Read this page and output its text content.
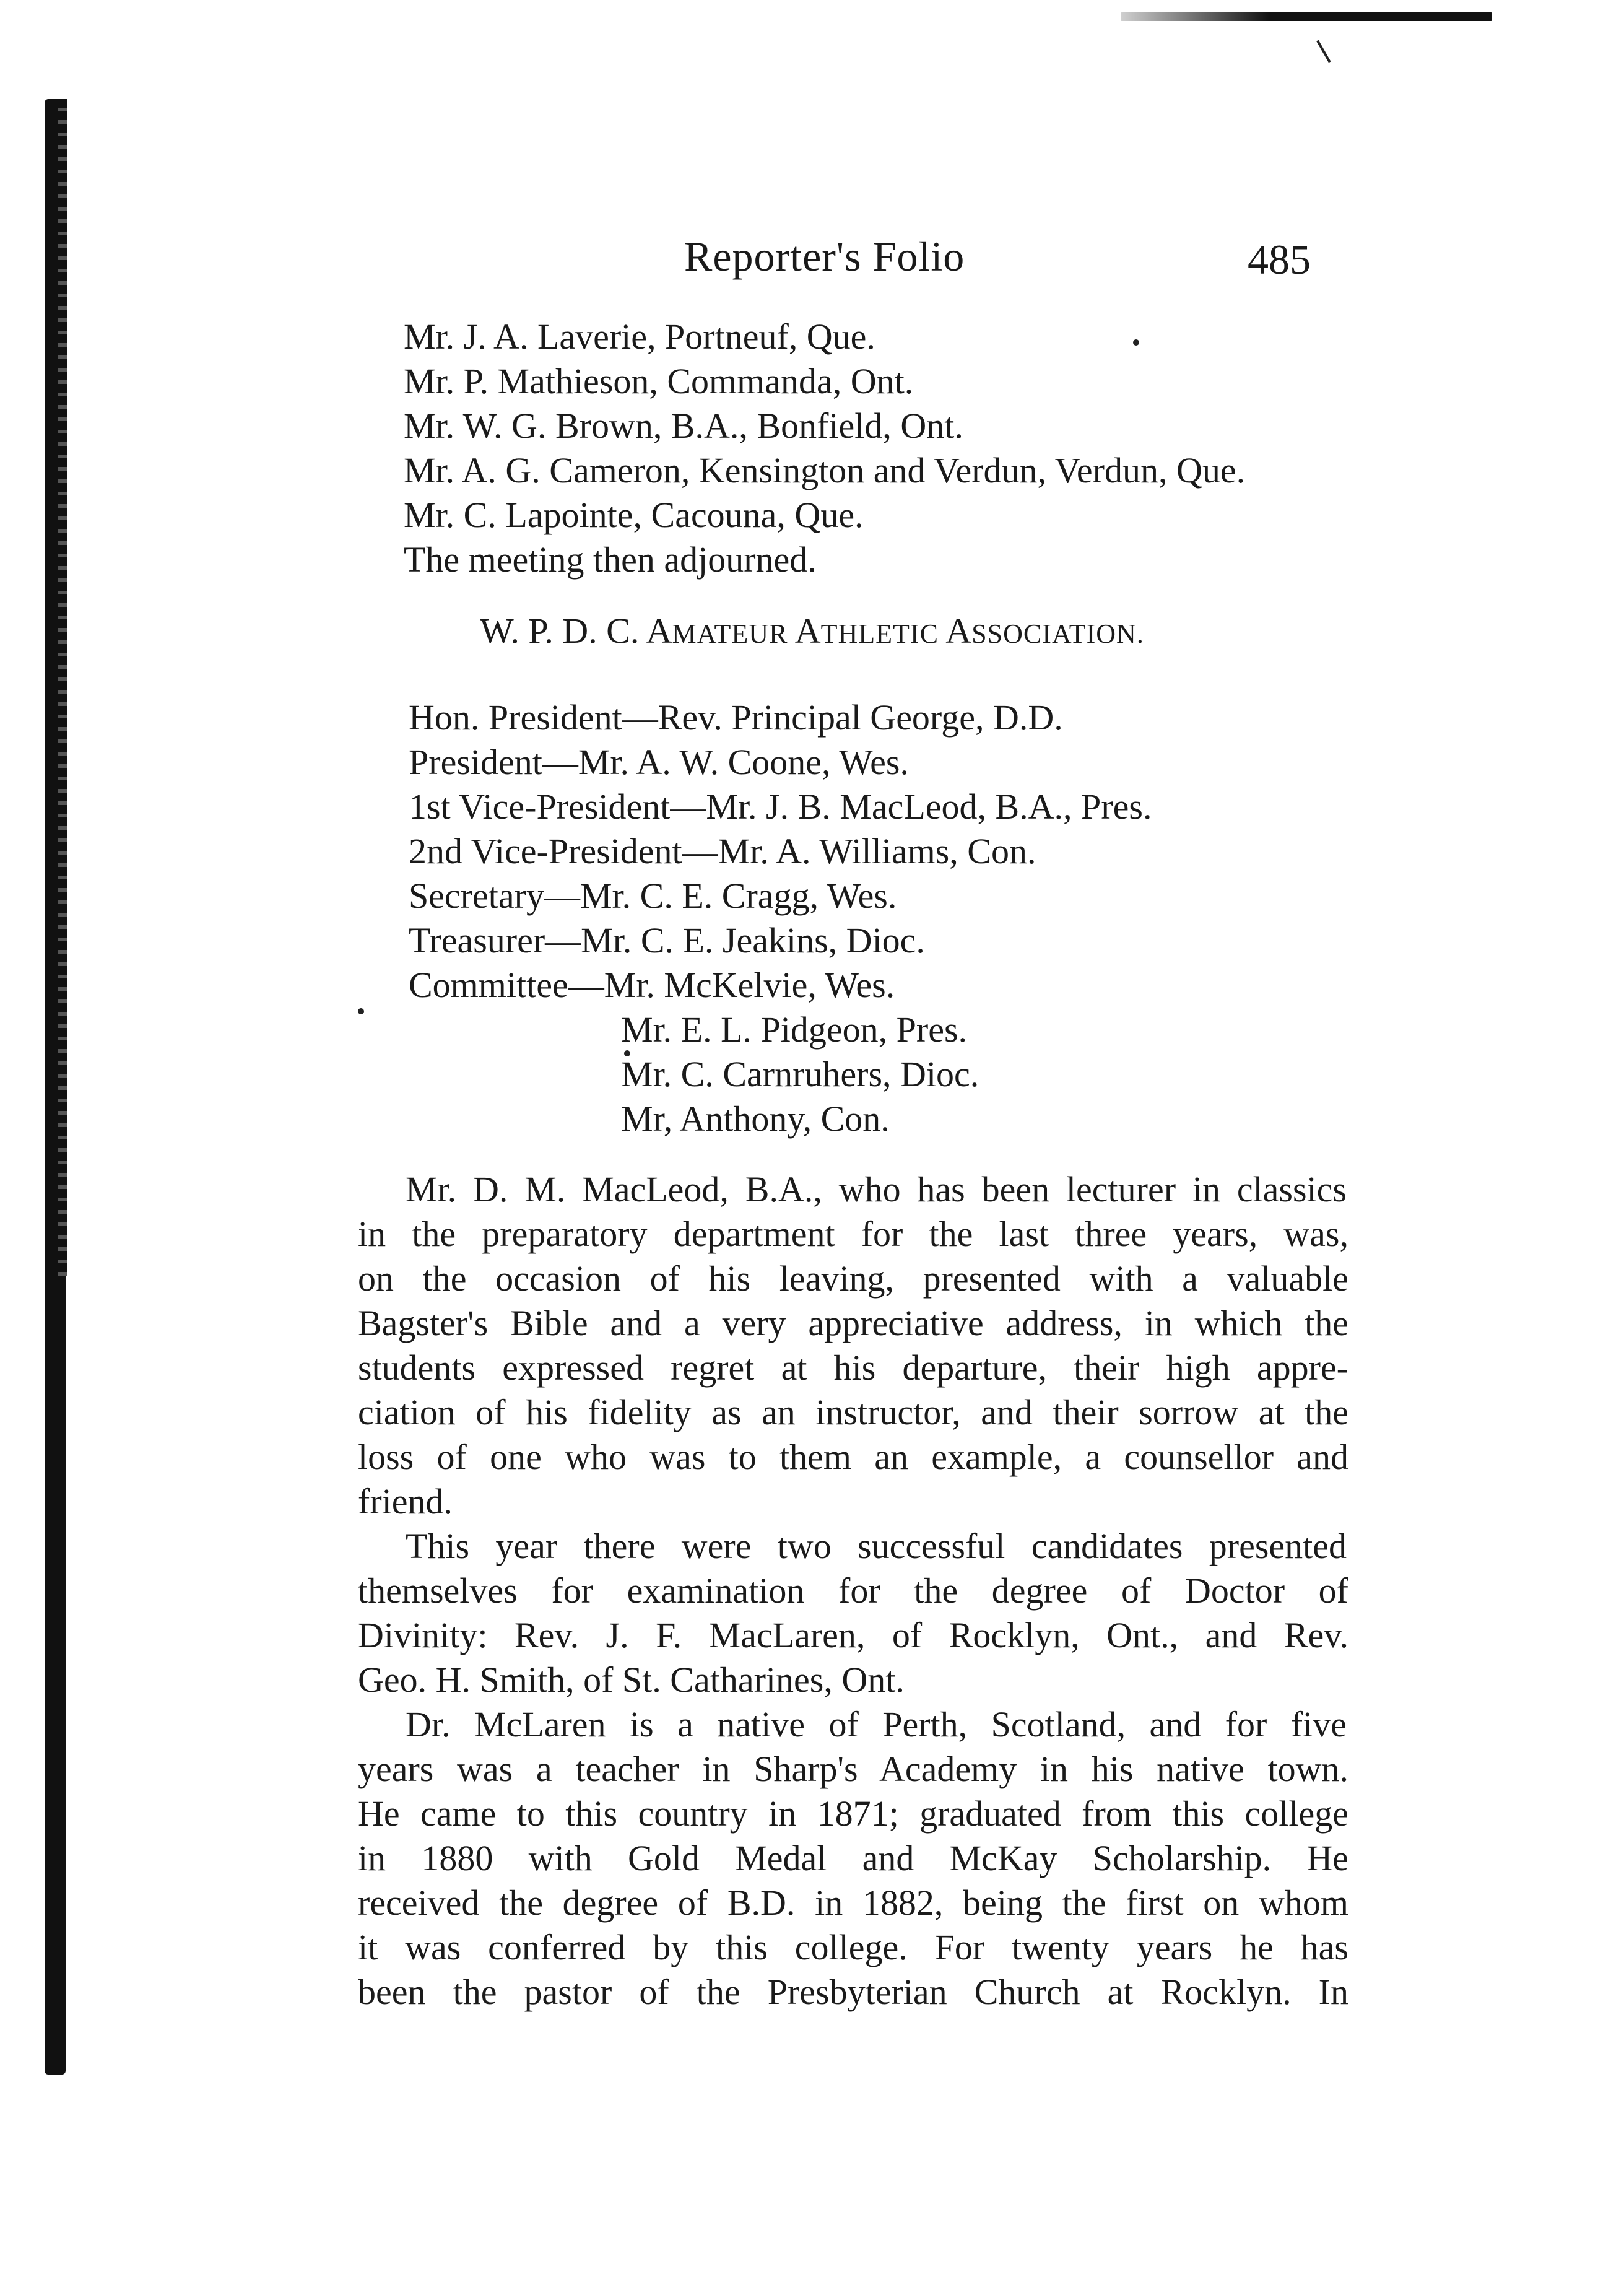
Reporter's Folio	485
Mr. J. A. Laverie, Portneuf, Que.
Mr. P. Mathieson, Commanda, Ont.
Mr. W. G. Brown, B.A., Bonfield, Ont.
Mr. A. G. Cameron, Kensington and Verdun, Verdun, Que.
Mr. C. Lapointe, Cacouna, Que.
The meeting then adjourned.
W. P. D. C. AMATEUR ATHLETIC ASSOCIATION.
Hon. President—Rev. Principal George, D.D.
President—Mr. A. W. Coone, Wes.
1st Vice-President—Mr. J. B. MacLeod, B.A., Pres.
2nd Vice-President—Mr. A. Williams, Con.
Secretary—Mr. C. E. Cragg, Wes.
Treasurer—Mr. C. E. Jeakins, Dioc.
Committee—Mr. McKelvie, Wes.
Mr. E. L. Pidgeon, Pres.
Mr. C. Carnruhers, Dioc.
Mr, Anthony, Con.
Mr. D. M. MacLeod, B.A., who has been lecturer in classics
in the preparatory department for the last three years, was,
on the occasion of his leaving, presented with a valuable
Bagster's Bible and a very appreciative address, in which the
students expressed regret at his departure, their high appre-
ciation of his fidelity as an instructor, and their sorrow at the
loss of one who was to them an example, a counsellor and
friend.
This year there were two successful candidates presented
themselves for examination for the degree of Doctor of
Divinity: Rev. J. F. MacLaren, of Rocklyn, Ont., and Rev.
Geo. H. Smith, of St. Catharines, Ont.
Dr. McLaren is a native of Perth, Scotland, and for five
years was a teacher in Sharp's Academy in his native town.
He came to this country in 1871; graduated from this college
in 1880 with Gold Medal and McKay Scholarship. He
received the degree of B.D. in 1882, being the first on whom
it was conferred by this college. For twenty years he has
been the pastor of the Presbyterian Church at Rocklyn. In
